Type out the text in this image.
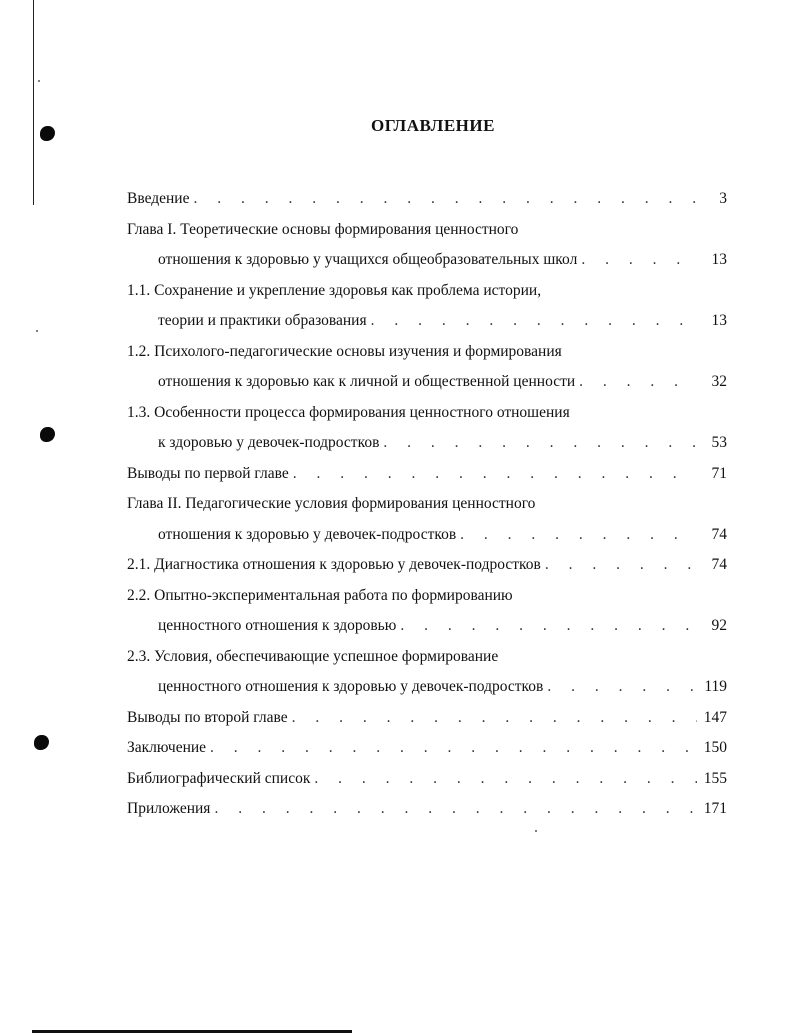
ОГЛАВЛЕНИЕ
Введение . . .	3
Глава I. Теоретические основы формирования ценностного
отношения к здоровью у учащихся общеобразовательных школ . . .	13
1.1. Сохранение и укрепление здоровья как проблема истории,
теории и практики образования . . .	13
1.2. Психолого-педагогические основы изучения и формирования
отношения к здоровью как к личной и общественной ценности . . .	32
1.3. Особенности процесса формирования ценностного отношения
к здоровью у девочек-подростков . . .	53
Выводы по первой главе . . .	71
Глава II. Педагогические условия формирования ценностного
отношения к здоровью у девочек-подростков . . .	74
2.1. Диагностика отношения к здоровью у девочек-подростков . . .	74
2.2. Опытно-экспериментальная работа по формированию
ценностного отношения к здоровью . . .	92
2.3. Условия, обеспечивающие успешное формирование
ценностного отношения к здоровью у девочек-подростков . . .	119
Выводы по второй главе . . .	147
Заключение . . .	150
Библиографический список . . .	155
Приложения . . .	171
